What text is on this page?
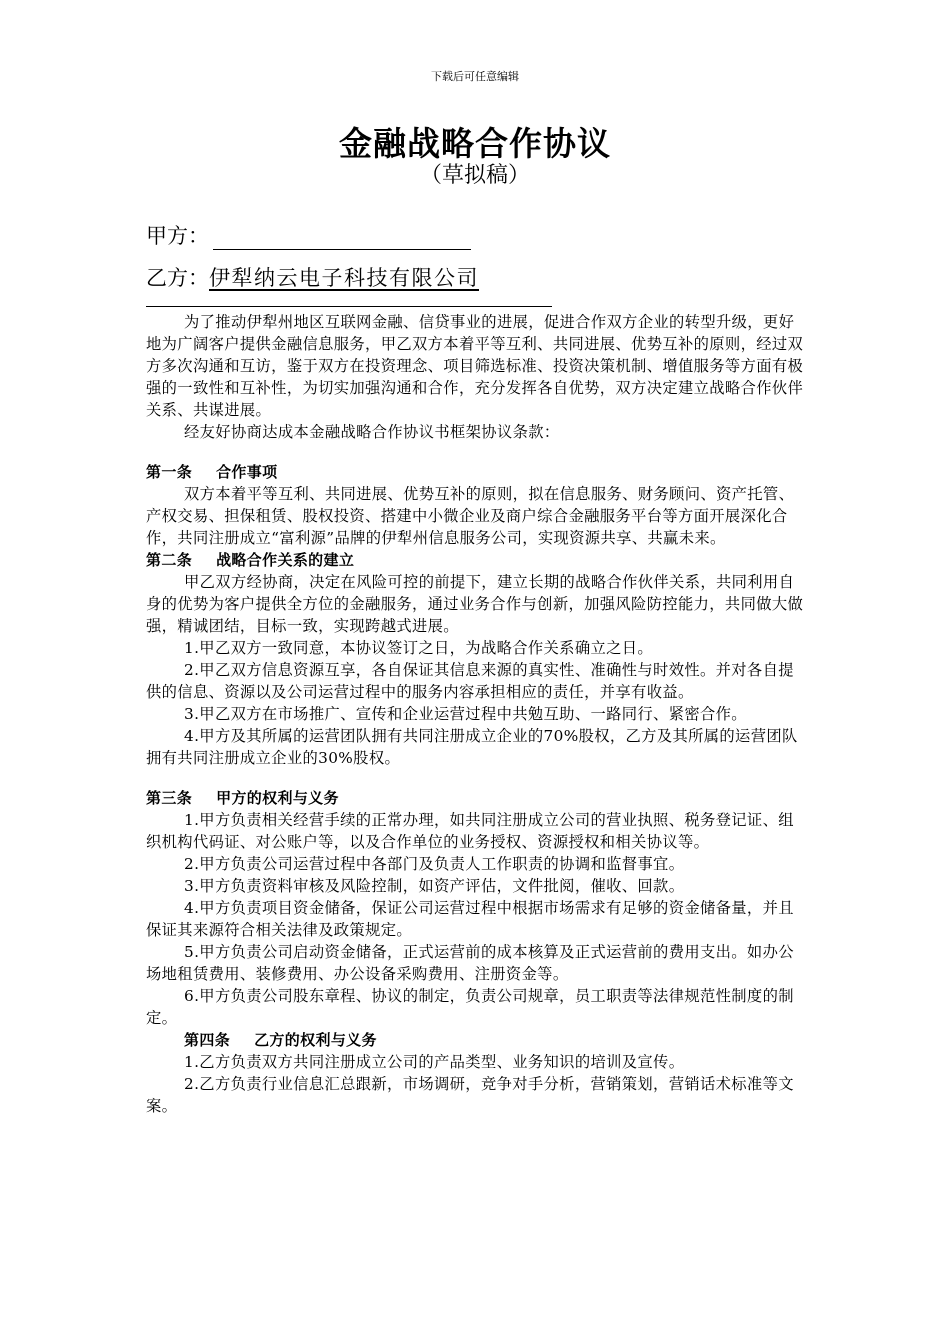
下载后可任意编辑
金融战略合作协议
（草拟稿）
甲方：
乙方：伊犁纳云电子科技有限公司

为了推动伊犁州地区互联网金融、信贷事业的进展，促进合作双方企业的转型升级，更好地为广阔客户提供金融信息服务，甲乙双方本着平等互利、共同进展、优势互补的原则，经过双方多次沟通和互访，鉴于双方在投资理念、项目筛选标准、投资决策机制、增值服务等方面有极强的一致性和互补性，为切实加强沟通和合作，充分发挥各自优势，双方决定建立战略合作伙伴关系、共谋进展。

经友好协商达成本金融战略合作协议书框架协议条款：

第一条 合作事项

双方本着平等互利、共同进展、优势互补的原则，拟在信息服务、财务顾问、资产托管、产权交易、担保租赁、股权投资、搭建中小微企业及商户综合金融服务平台等方面开展深化合作，共同注册成立“富利源”品牌的伊犁州信息服务公司，实现资源共享、共赢未来。

第二条 战略合作关系的建立

甲乙双方经协商，决定在风险可控的前提下，建立长期的战略合作伙伴关系，共同利用自身的优势为客户提供全方位的金融服务，通过业务合作与创新，加强风险防控能力，共同做大做强，精诚团结，目标一致，实现跨越式进展。

1.甲乙双方一致同意，本协议签订之日，为战略合作关系确立之日。

2.甲乙双方信息资源互享，各自保证其信息来源的真实性、准确性与时效性。并对各自提供的信息、资源以及公司运营过程中的服务内容承担相应的责任，并享有收益。

3.甲乙双方在市场推广、宣传和企业运营过程中共勉互助、一路同行、紧密合作。

4.甲方及其所属的运营团队拥有共同注册成立企业的70%股权，乙方及其所属的运营团队拥有共同注册成立企业的30%股权。

第三条 甲方的权利与义务

1.甲方负责相关经营手续的正常办理，如共同注册成立公司的营业执照、税务登记证、组织机构代码证、对公账户等，以及合作单位的业务授权、资源授权和相关协议等。

2.甲方负责公司运营过程中各部门及负责人工作职责的协调和监督事宜。

3.甲方负责资料审核及风险控制，如资产评估，文件批阅，催收、回款。

4.甲方负责项目资金储备，保证公司运营过程中根据市场需求有足够的资金储备量，并且保证其来源符合相关法律及政策规定。

5.甲方负责公司启动资金储备，正式运营前的成本核算及正式运营前的费用支出。如办公场地租赁费用、装修费用、办公设备采购费用、注册资金等。

6.甲方负责公司股东章程、协议的制定，负责公司规章，员工职责等法律规范性制度的制定。

第四条 乙方的权利与义务

1.乙方负责双方共同注册成立公司的产品类型、业务知识的培训及宣传。

2.乙方负责行业信息汇总跟新，市场调研，竞争对手分析，营销策划，营销话术标准等文案。
